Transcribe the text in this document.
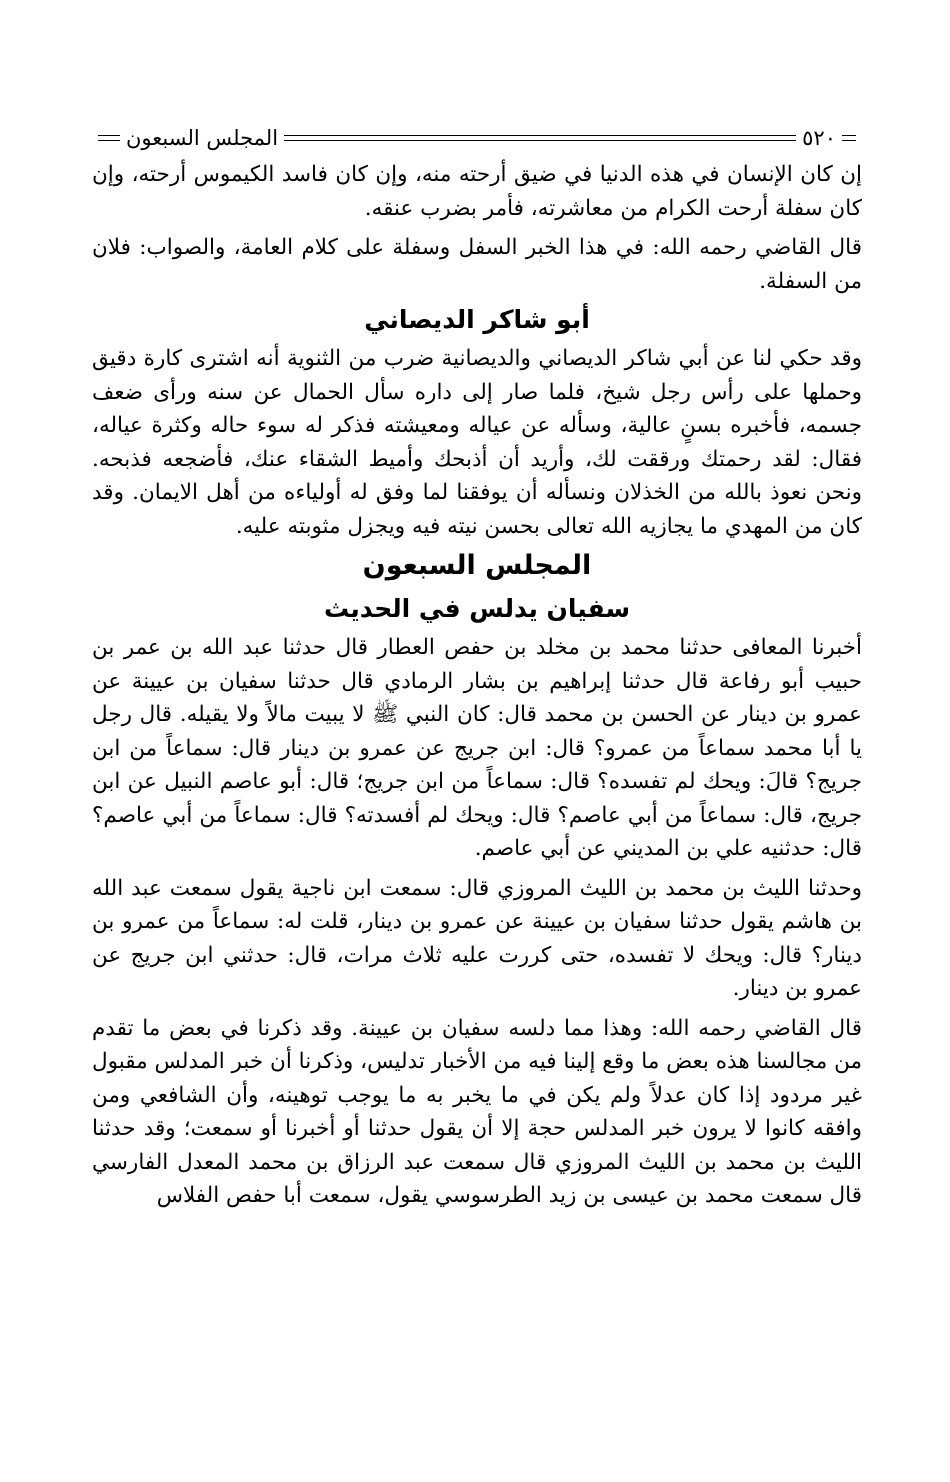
٥٢٠
المجلس السبعون

إن كان الإنسان في هذه الدنيا في ضيق أرحته منه، وإن كان فاسد الكيموس أرحته، وإن كان سفلة أرحت الكرام من معاشرته، فأمر بضرب عنقه.

قال القاضي رحمه الله: في هذا الخبر السفل وسفلة على كلام العامة، والصواب: فلان من السفلة.

أبو شاكر الديصاني

وقد حكي لنا عن أبي شاكر الديصاني والديصانية ضرب من الثنوية أنه اشترى كارة دقيق وحملها على رأس رجل شيخ، فلما صار إلى داره سأل الحمال عن سنه ورأى ضعف جسمه، فأخبره بسنٍ عالية، وسأله عن عياله ومعيشته فذكر له سوء حاله وكثرة عياله، فقال: لقد رحمتك ورققت لك، وأريد أن أذبحك وأميط الشقاء عنك، فأضجعه فذبحه. ونحن نعوذ بالله من الخذلان ونسأله أن يوفقنا لما وفق له أولياءه من أهل الايمان. وقد كان من المهدي ما يجازيه الله تعالى بحسن نيته فيه ويجزل مثوبته عليه.

المجلس السبعون
سفيان يدلس في الحديث

أخبرنا المعافى حدثنا محمد بن مخلد بن حفص العطار قال حدثنا عبد الله بن عمر بن حبيب أبو رفاعة قال حدثنا إبراهيم بن بشار الرمادي قال حدثنا سفيان بن عيينة عن عمرو بن دينار عن الحسن بن محمد قال: كان النبي ﷺ لا يبيت مالاً ولا يقيله. قال رجل يا أبا محمد سماعاً من عمرو؟ قال: ابن جريج عن عمرو بن دينار قال: سماعاً من ابن جريج؟ قالَ: ويحك لم تفسده؟ قال: سماعاً من ابن جريج؛ قال: أبو عاصم النبيل عن ابن جريج، قال: سماعاً من أبي عاصم؟ قال: ويحك لم أفسدته؟ قال: سماعاً من أبي عاصم؟ قال: حدثنيه علي بن المديني عن أبي عاصم.

وحدثنا الليث بن محمد بن الليث المروزي قال: سمعت ابن ناجية يقول سمعت عبد الله بن هاشم يقول حدثنا سفيان بن عيينة عن عمرو بن دينار، قلت له: سماعاً من عمرو بن دينار؟ قال: ويحك لا تفسده، حتى كررت عليه ثلاث مرات، قال: حدثني ابن جريج عن عمرو بن دينار.

قال القاضي رحمه الله: وهذا مما دلسه سفيان بن عيينة. وقد ذكرنا في بعض ما تقدم من مجالسنا هذه بعض ما وقع إلينا فيه من الأخبار تدليس، وذكرنا أن خبر المدلس مقبول غير مردود إذا كان عدلاً ولم يكن في ما يخبر به ما يوجب توهينه، وأن الشافعي ومن وافقه كانوا لا يرون خبر المدلس حجة إلا أن يقول حدثنا أو أخبرنا أو سمعت؛ وقد حدثنا الليث بن محمد بن الليث المروزي قال سمعت عبد الرزاق بن محمد المعدل الفارسي قال سمعت محمد بن عيسى بن زيد الطرسوسي يقول، سمعت أبا حفص الفلاس
